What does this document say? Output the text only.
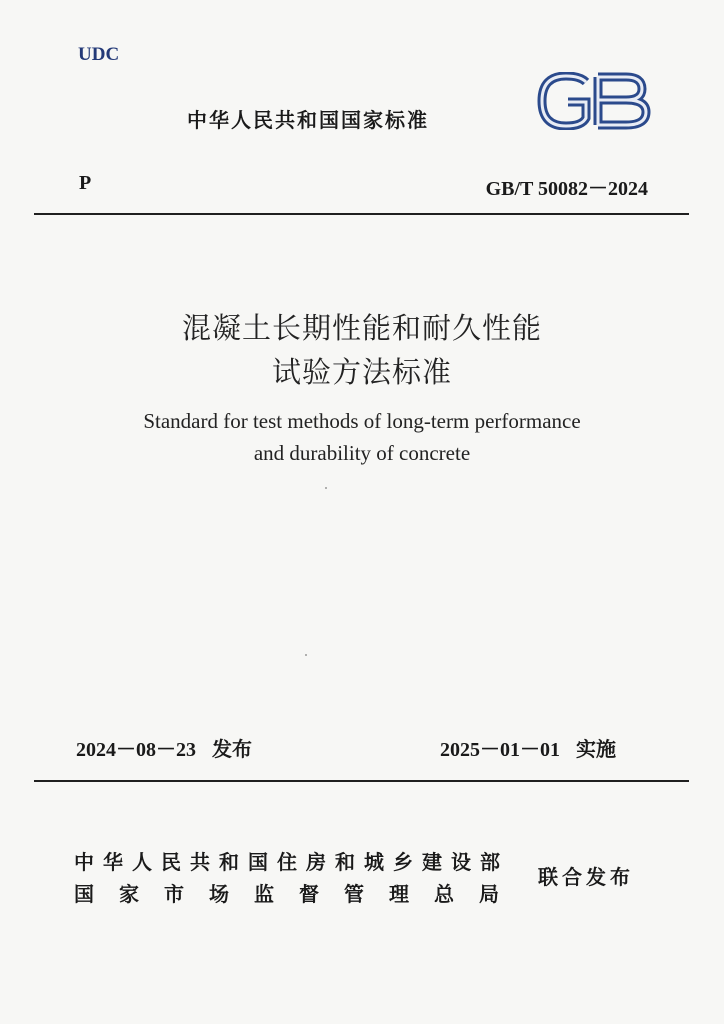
UDC
中华人民共和国国家标准
P	GB/T 50082－2024
混凝土长期性能和耐久性能
试验方法标准
Standard for test methods of long-term performance
and durability of concrete
2024－08－23 发布	2025－01－01 实施
中华人民共和国住房和城乡建设部
国家市场监督管理总局
联合发布
